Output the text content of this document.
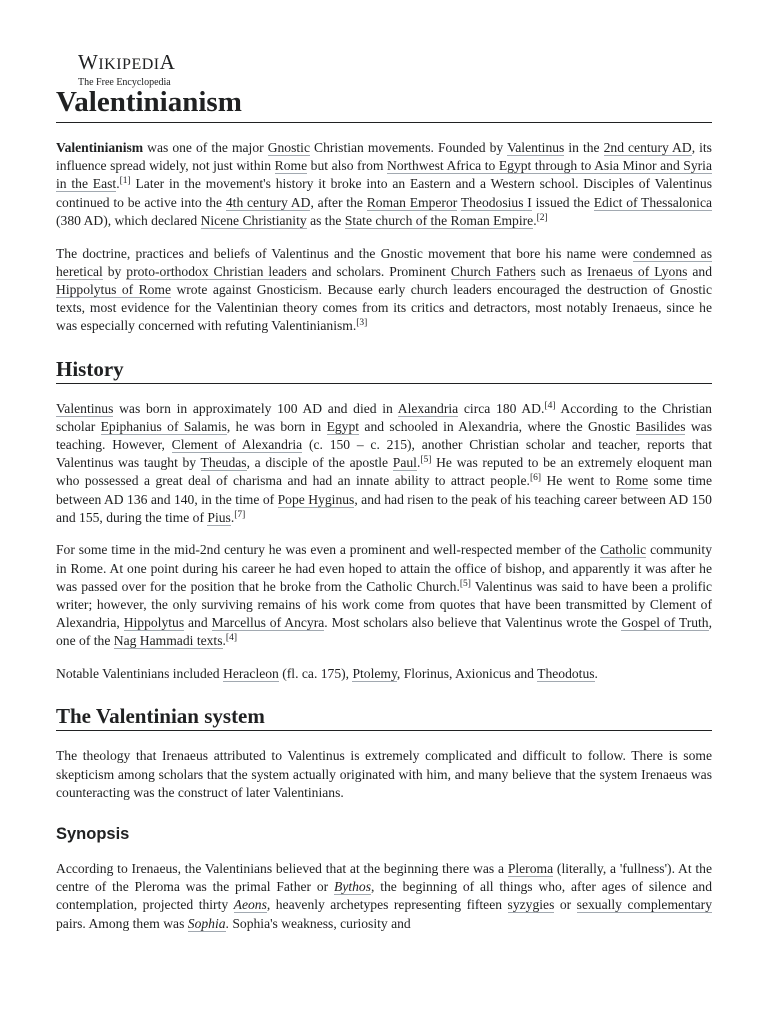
WIKIPEDIA
The Free Encyclopedia
Valentinianism

Valentinianism was one of the major Gnostic Christian movements. Founded by Valentinus in the 2nd century AD, its influence spread widely, not just within Rome but also from Northwest Africa to Egypt through to Asia Minor and Syria in the East.[1] Later in the movement's history it broke into an Eastern and a Western school. Disciples of Valentinus continued to be active into the 4th century AD, after the Roman Emperor Theodosius I issued the Edict of Thessalonica (380 AD), which declared Nicene Christianity as the State church of the Roman Empire.[2]

The doctrine, practices and beliefs of Valentinus and the Gnostic movement that bore his name were condemned as heretical by proto-orthodox Christian leaders and scholars. Prominent Church Fathers such as Irenaeus of Lyons and Hippolytus of Rome wrote against Gnosticism. Because early church leaders encouraged the destruction of Gnostic texts, most evidence for the Valentinian theory comes from its critics and detractors, most notably Irenaeus, since he was especially concerned with refuting Valentinianism.[3]

History

Valentinus was born in approximately 100 AD and died in Alexandria circa 180 AD.[4] According to the Christian scholar Epiphanius of Salamis, he was born in Egypt and schooled in Alexandria, where the Gnostic Basilides was teaching. However, Clement of Alexandria (c. 150 – c. 215), another Christian scholar and teacher, reports that Valentinus was taught by Theudas, a disciple of the apostle Paul.[5] He was reputed to be an extremely eloquent man who possessed a great deal of charisma and had an innate ability to attract people.[6] He went to Rome some time between AD 136 and 140, in the time of Pope Hyginus, and had risen to the peak of his teaching career between AD 150 and 155, during the time of Pius.[7]

For some time in the mid-2nd century he was even a prominent and well-respected member of the Catholic community in Rome. At one point during his career he had even hoped to attain the office of bishop, and apparently it was after he was passed over for the position that he broke from the Catholic Church.[5] Valentinus was said to have been a prolific writer; however, the only surviving remains of his work come from quotes that have been transmitted by Clement of Alexandria, Hippolytus and Marcellus of Ancyra. Most scholars also believe that Valentinus wrote the Gospel of Truth, one of the Nag Hammadi texts.[4]

Notable Valentinians included Heracleon (fl. ca. 175), Ptolemy, Florinus, Axionicus and Theodotus.

The Valentinian system

The theology that Irenaeus attributed to Valentinus is extremely complicated and difficult to follow. There is some skepticism among scholars that the system actually originated with him, and many believe that the system Irenaeus was counteracting was the construct of later Valentinians.

Synopsis

According to Irenaeus, the Valentinians believed that at the beginning there was a Pleroma (literally, a 'fullness'). At the centre of the Pleroma was the primal Father or Bythos, the beginning of all things who, after ages of silence and contemplation, projected thirty Aeons, heavenly archetypes representing fifteen syzygies or sexually complementary pairs. Among them was Sophia. Sophia's weakness, curiosity and
